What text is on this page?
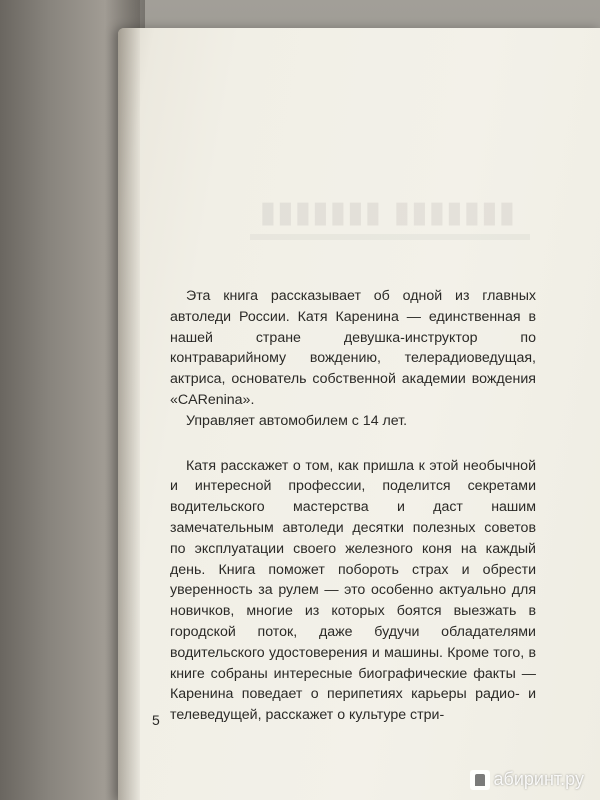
▮▮▮▮▮▮▮ ▮▮▮▮▮▮▮

Эта книга рассказывает об одной из главных автоледи России. Катя Каренина — единственная в нашей стране девушка-инструктор по контраварийному вождению, телерадиоведущая, актриса, основатель собственной академии вождения «CARenina».

Управляет автомобилем с 14 лет.

Катя расскажет о том, как пришла к этой необычной и интересной профессии, поделится секретами водительского мастерства и даст нашим замечательным автоледи десятки полезных советов по эксплуатации своего железного коня на каждый день. Книга поможет побороть страх и обрести уверенность за рулем — это особенно актуально для новичков, многие из которых боятся выезжать в городской поток, даже будучи обладателями водительского удостоверения и машины. Кроме того, в книге собраны интересные биографические факты — Каренина поведает о перипетиях карьеры радио- и телеведущей, расскажет о культуре стри-

5
абиринт.ру
